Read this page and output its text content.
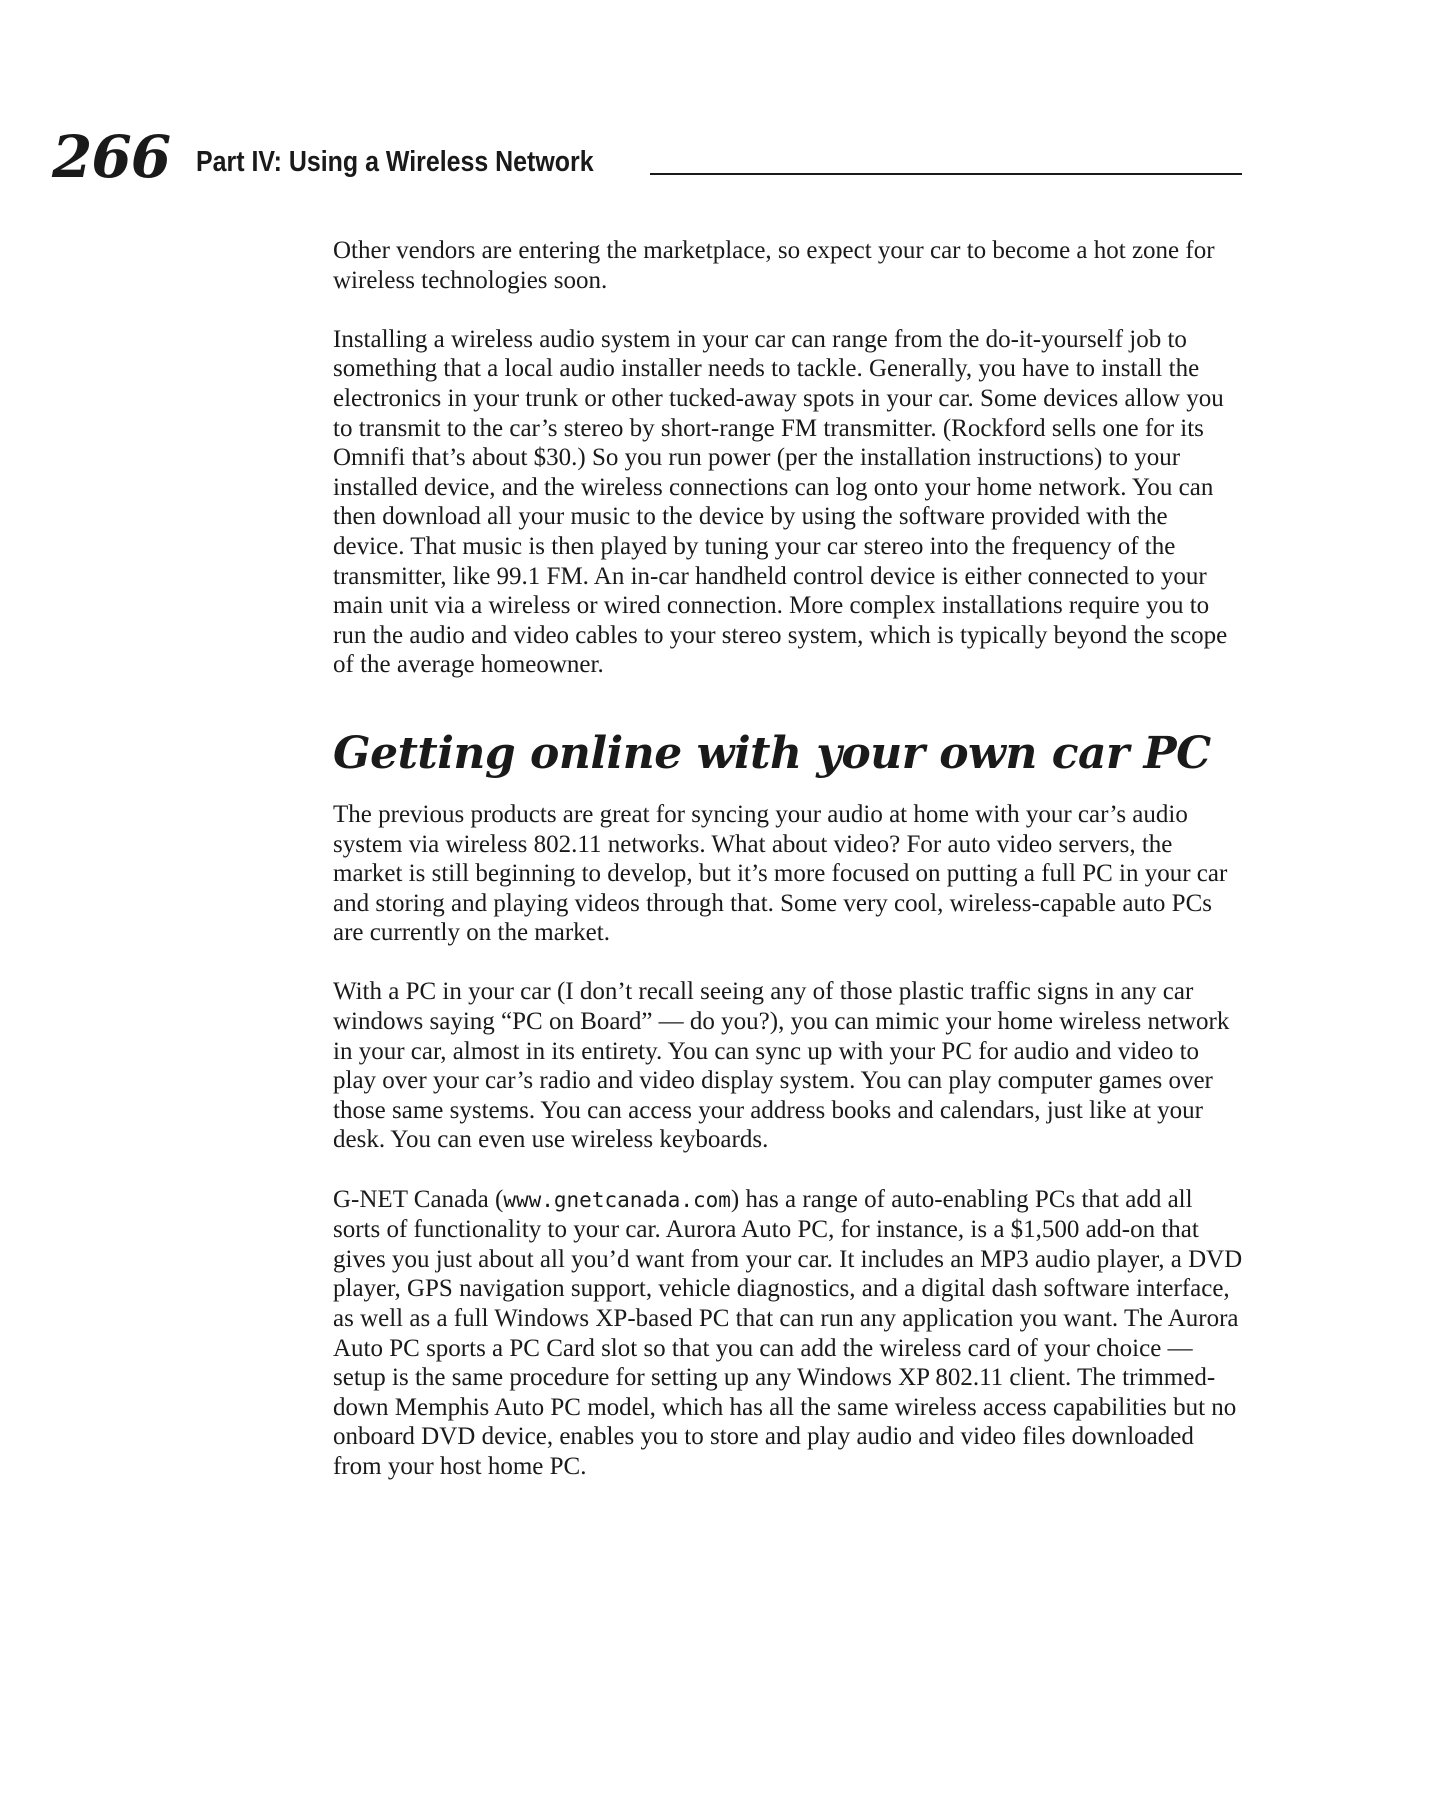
266 Part IV: Using a Wireless Network

Other vendors are entering the marketplace, so expect your car to become a hot zone for wireless technologies soon.

Installing a wireless audio system in your car can range from the do-it-yourself job to something that a local audio installer needs to tackle. Generally, you have to install the electronics in your trunk or other tucked-away spots in your car. Some devices allow you to transmit to the car’s stereo by short-range FM transmitter. (Rockford sells one for its Omnifi that’s about $30.) So you run power (per the installation instructions) to your installed device, and the wireless connections can log onto your home network. You can then download all your music to the device by using the software provided with the device. That music is then played by tuning your car stereo into the frequency of the transmitter, like 99.1 FM. An in-car handheld control device is either connected to your main unit via a wireless or wired connection. More complex installations require you to run the audio and video cables to your stereo system, which is typically beyond the scope of the average homeowner.

Getting online with your own car PC

The previous products are great for syncing your audio at home with your car’s audio system via wireless 802.11 networks. What about video? For auto video servers, the market is still beginning to develop, but it’s more focused on putting a full PC in your car and storing and playing videos through that. Some very cool, wireless-capable auto PCs are currently on the market.

With a PC in your car (I don’t recall seeing any of those plastic traffic signs in any car windows saying “PC on Board” — do you?), you can mimic your home wireless network in your car, almost in its entirety. You can sync up with your PC for audio and video to play over your car’s radio and video display system. You can play computer games over those same systems. You can access your address books and calendars, just like at your desk. You can even use wireless keyboards.

G-NET Canada (www.gnetcanada.com) has a range of auto-enabling PCs that add all sorts of functionality to your car. Aurora Auto PC, for instance, is a $1,500 add-on that gives you just about all you’d want from your car. It includes an MP3 audio player, a DVD player, GPS navigation support, vehicle diagnostics, and a digital dash software interface, as well as a full Windows XP-based PC that can run any application you want. The Aurora Auto PC sports a PC Card slot so that you can add the wireless card of your choice — setup is the same procedure for setting up any Windows XP 802.11 client. The trimmed-down Memphis Auto PC model, which has all the same wireless access capabilities but no onboard DVD device, enables you to store and play audio and video files downloaded from your host home PC.
